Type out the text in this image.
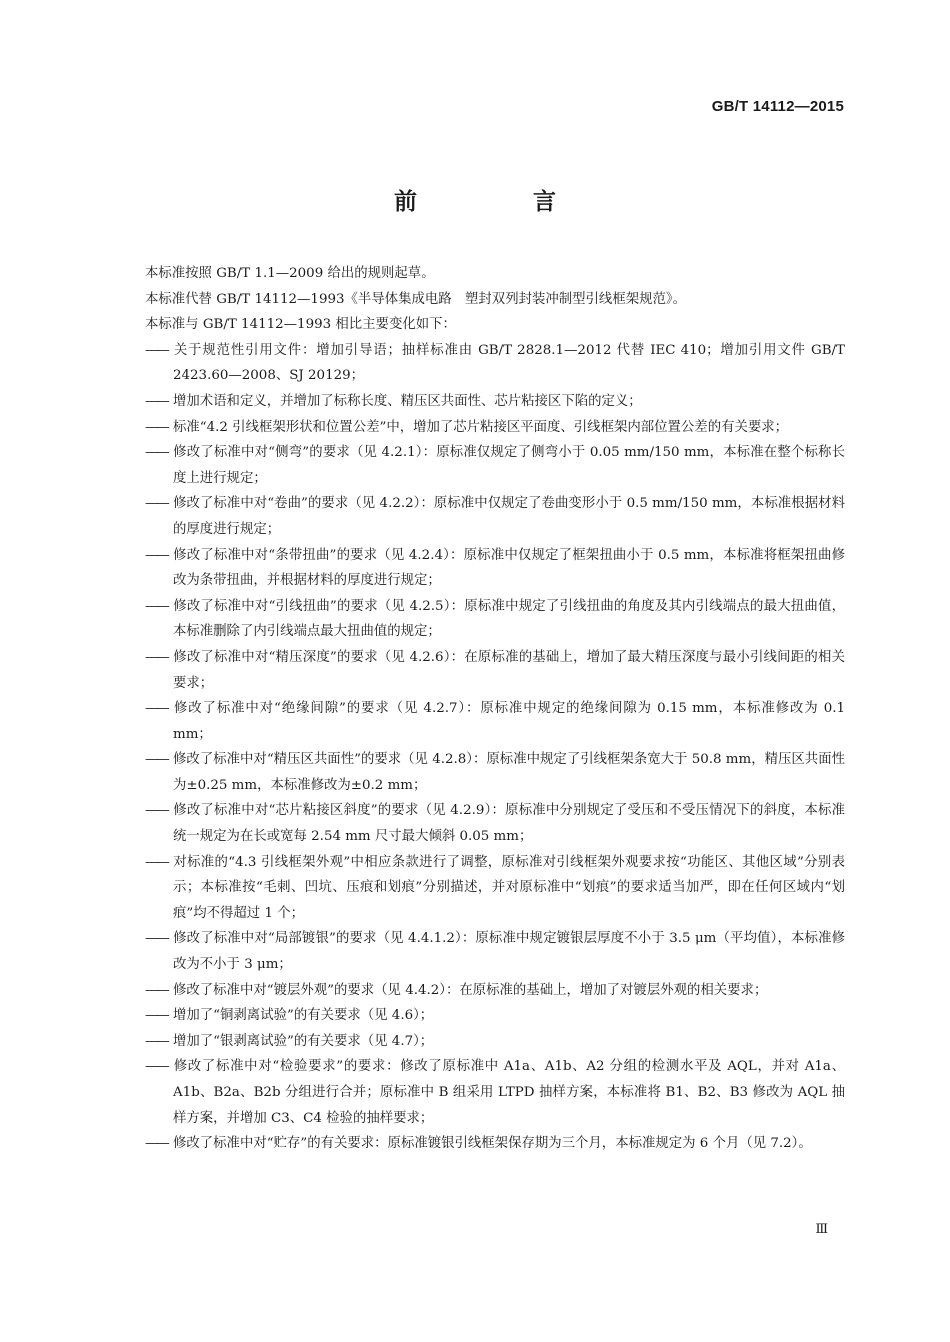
GB/T 14112—2015
前 言

本标准按照 GB/T 1.1—2009 给出的规则起草。

本标准代替 GB/T 14112—1993《半导体集成电路　塑封双列封装冲制型引线框架规范》。

本标准与 GB/T 14112—1993 相比主要变化如下：

—— 关于规范性引用文件：增加引导语；抽样标准由 GB/T 2828.1—2012 代替 IEC 410；增加引用文件 GB/T 2423.60—2008、SJ 20129；

—— 增加术语和定义，并增加了标称长度、精压区共面性、芯片粘接区下陷的定义；

—— 标准“4.2 引线框架形状和位置公差”中，增加了芯片粘接区平面度、引线框架内部位置公差的有关要求；

—— 修改了标准中对“侧弯”的要求（见 4.2.1）：原标准仅规定了侧弯小于 0.05 mm/150 mm，本标准在整个标称长度上进行规定；

—— 修改了标准中对“卷曲”的要求（见 4.2.2）：原标准中仅规定了卷曲变形小于 0.5 mm/150 mm，本标准根据材料的厚度进行规定；

—— 修改了标准中对“条带扭曲”的要求（见 4.2.4）：原标准中仅规定了框架扭曲小于 0.5 mm，本标准将框架扭曲修改为条带扭曲，并根据材料的厚度进行规定；

—— 修改了标准中对“引线扭曲”的要求（见 4.2.5）：原标准中规定了引线扭曲的角度及其内引线端点的最大扭曲值，本标准删除了内引线端点最大扭曲值的规定；

—— 修改了标准中对“精压深度”的要求（见 4.2.6）：在原标准的基础上，增加了最大精压深度与最小引线间距的相关要求；

—— 修改了标准中对“绝缘间隙”的要求（见 4.2.7）：原标准中规定的绝缘间隙为 0.15 mm，本标准修改为 0.1 mm；

—— 修改了标准中对“精压区共面性”的要求（见 4.2.8）：原标准中规定了引线框架条宽大于 50.8 mm，精压区共面性为±0.25 mm，本标准修改为±0.2 mm；

—— 修改了标准中对“芯片粘接区斜度”的要求（见 4.2.9）：原标准中分别规定了受压和不受压情况下的斜度，本标准统一规定为在长或宽每 2.54 mm 尺寸最大倾斜 0.05 mm；

—— 对标准的“4.3 引线框架外观”中相应条款进行了调整，原标准对引线框架外观要求按“功能区、其他区域”分别表示；本标准按“毛刺、凹坑、压痕和划痕”分别描述，并对原标准中“划痕”的要求适当加严，即在任何区域内“划痕”均不得超过 1 个；

—— 修改了标准中对“局部镀银”的要求（见 4.4.1.2）：原标准中规定镀银层厚度不小于 3.5 μm（平均值），本标准修改为不小于 3 μm；

—— 修改了标准中对“镀层外观”的要求（见 4.4.2）：在原标准的基础上，增加了对镀层外观的相关要求；

—— 增加了“铜剥离试验”的有关要求（见 4.6）；

—— 增加了“银剥离试验”的有关要求（见 4.7）；

—— 修改了标准中对“检验要求”的要求：修改了原标准中 A1a、A1b、A2 分组的检测水平及 AQL，并对 A1a、A1b、B2a、B2b 分组进行合并；原标准中 B 组采用 LTPD 抽样方案，本标准将 B1、B2、B3 修改为 AQL 抽样方案，并增加 C3、C4 检验的抽样要求；

—— 修改了标准中对“贮存”的有关要求：原标准镀银引线框架保存期为三个月，本标准规定为 6 个月（见 7.2）。

Ⅲ
